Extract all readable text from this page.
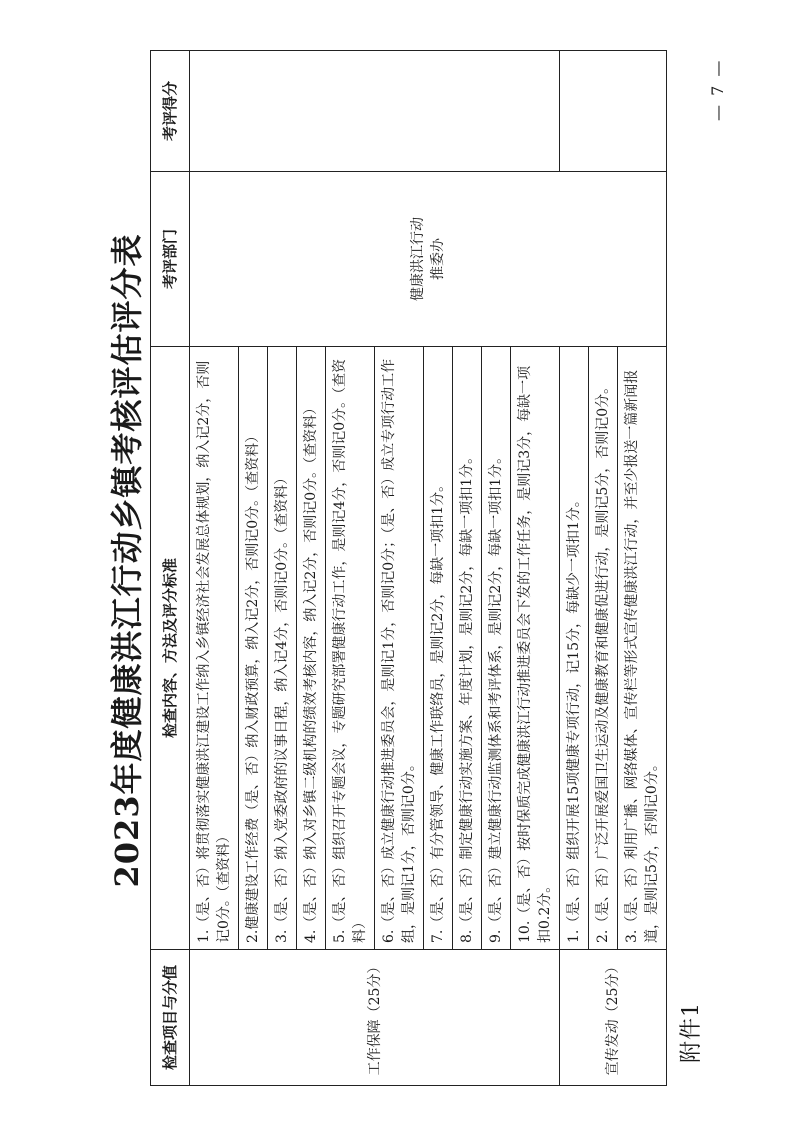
附件1
2023年度健康洪江行动乡镇考核评估评分表
检查项目与分值	检查内容、方法及评分标准	考评部门	考评得分
工作保障（25分）	1.（是、否）将贯彻落实健康洪江建设工作纳入乡镇经济社会发展总体规划，纳入记2分，否则记0分。（查资料）	健康洪江行动 推委办	

	2.健康建设工作经费（是、否）纳入财政预算，纳入记2分，否则记0分。（查资料）		
	3.（是、否）纳入党委政府的议事日程，纳入记4分，否则记0分。（查资料）		
	4.（是、否）纳入对乡镇二级机构的绩效考核内容，纳入记2分，否则记0分。（查资料）		
	5.（是、否）组织召开专题会议，专题研究部署健康行动工作，是则记4分，否则记0分。（查资料）		
	6.（是、否）成立健康行动推进委员会，是则记1分，否则记0分；（是、否）成立专项行动工作组，是则记1分，否则记0分。		
	7.（是、否）有分管领导、健康工作联络员，是则记2分，每缺一项扣1分。		
	8.（是、否）制定健康行动实施方案、年度计划，是则记2分，每缺一项扣1分。		
	9.（是、否）建立健康行动监测体系和考评体系，是则记2分，每缺一项扣1分。		
	10.（是、否）按时保质完成健康洪江行动推进委员会下发的工作任务，是则记3分，每缺一项扣0.2分。		
宣传发动（25分）	1.（是、否）组织开展15项健康专项行动，记15分，每缺少一项扣1分。		
	2.（是、否）广泛开展爱国卫生运动及健康教育和健康促进行动，是则记5分，否则记0分。		
	3.（是、否）利用广播、网络媒体、宣传栏等形式宣传健康洪江行动，并至少报送一篇新闻报道，是则记5分，否则记0分。		
— 7 —
